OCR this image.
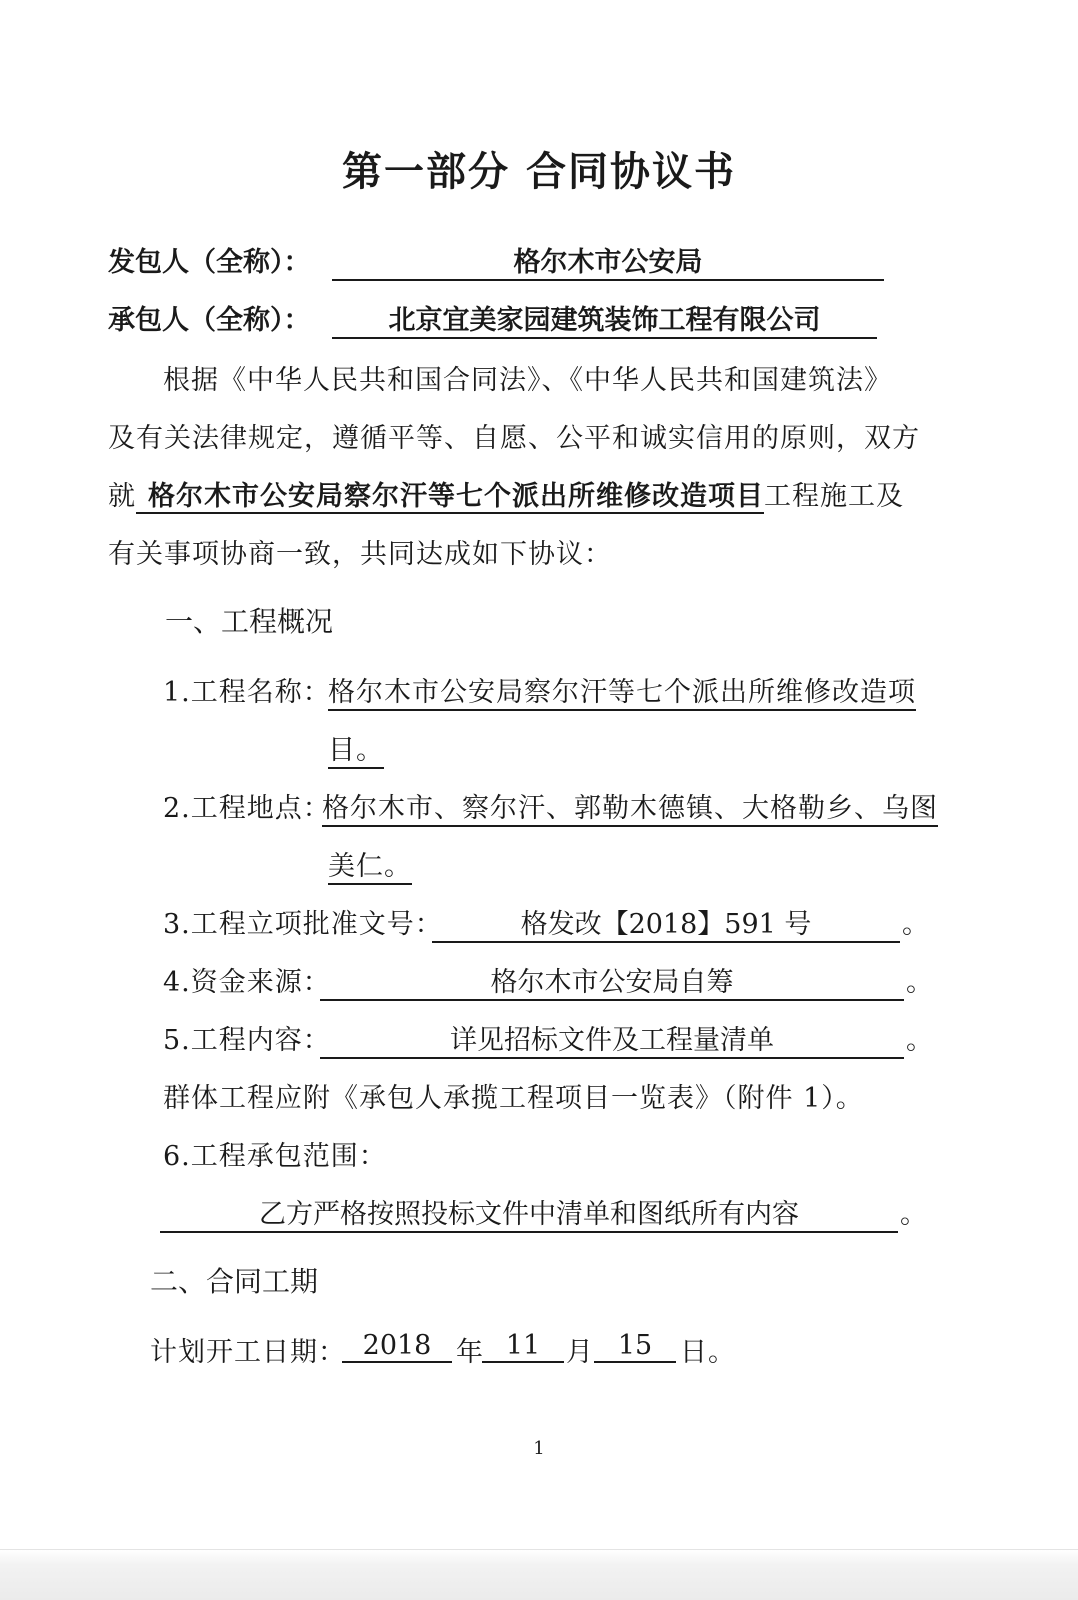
第一部分 合同协议书
发包人（全称）：	格尔木市公安局
承包人（全称）：	北京宜美家园建筑装饰工程有限公司
根据《中华人民共和国合同法》、《中华人民共和国建筑法》
及有关法律规定，遵循平等、自愿、公平和诚实信用的原则，双方
就 格尔木市公安局察尔汗等七个派出所维修改造项目工程施工及
有关事项协商一致，共同达成如下协议：
一、工程概况
1.工程名称：
格尔木市公安局察尔汗等七个派出所维修改造项
目。
2.工程地点：
格尔木市、察尔汗、郭勒木德镇、大格勒乡、乌图
美仁。
3.工程立项批准文号：	格发改【2018】591 号	。
4.资金来源：	格尔木市公安局自筹	。
5.工程内容：	详见招标文件及工程量清单	。
群体工程应附《承包人承揽工程项目一览表》（附件 1）。
6.工程承包范围：
乙方严格按照投标文件中清单和图纸所有内容	。
二、合同工期
计划开工日期： 2018 年 11 月 15	日。
1
